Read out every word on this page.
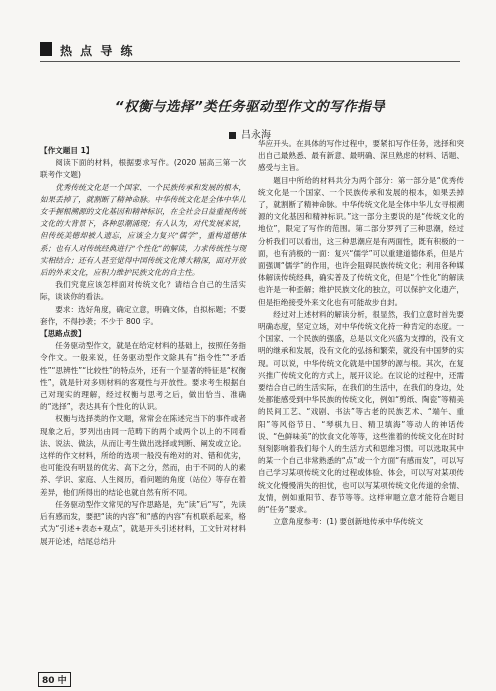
热 点 导 练
“权衡与选择”类任务驱动型作文的写作指导
吕永海

【作文题目 1】

阅读下面的材料，根据要求写作。(2020 届高三第一次联考作文题)

优秀传统文化是一个国家、一个民族传承和发展的根本，如果丢掉了，就割断了精神命脉。中华传统文化是全体中华儿女手握根溯源的文化基因和精神标识，在全社会日益重视传统文化的大背景下，各种思潮涌现；有人认为，对代发展来说，但传统美德却被人遗忘，应该全力复兴“儒学”，重构道德体系；也有人对传统经典进行“个性化”的解读，力求传统性与现实相结合；还有人甚至觉得中国传统文化博大精深，面对开放后的外来文化，应积力维护民族文化的自主性。

我们究竟应该怎样面对传统文化？请结合自己的生活实际，谈谈你的看法。

要求：选好角度，确定立意，明确文体，自拟标题；不要套作，不得抄袭；不少于 800 字。

【思路点拨】

任务驱动型作文，就是在给定材料的基础上，按照任务指令作文。一般来说，任务驱动型作文除具有“指令性”“矛盾性”“思辨性”“比较性”的特点外，还有一个显著的特征是“权衡性”，就是针对多则材料的客观性与开放性。要求考生根据自己对现实的理解，经过权衡与思考之后，做出恰当、准确的“选择”，表达具有个性化的认识。

权衡与选择类的作文题，常常会在陈述完当下的事件或者现象之后，罗列出由同一范畴下的两个或两个以上的不同看法、说法、做法，从而让考生做出选择或判断、阐发或立论。这样的作文材料，所给的选项一般没有绝对的对、错和优劣，也可能没有明显的优劣、高下之分，然而，由于不同的人的素养、学识、家庭、人生阅历，看问题的角度（站位）等存在着差异，他们所得出的结论也就自然有所不同。

任务驱动型作文常见的写作思路是，先“读”后“写”，先读后有感而发，要把“读的内容”和“感的内容”有机联系起来，格式为“引述+表态+观点”，就是开头引述材料，工文针对材料展开论述，结尾总结升

华应开头。在具体的写作过程中，要紧扣写作任务，选择和突出自己最熟悉、最有新意、最明确、深旦熟虑的材料、话题、感受与主旨。

题目中所给的材料共分为两个部分：第一部分是“优秀传统文化是一个国家、一个民族传承和发展的根本，如果丢掉了，就割断了精神命脉。中华传统文化是全体中华儿女寻根溯源的文化基因和精神标识。”这一部分主要说的是“传统文化的地位”，限定了写作的范围。第二部分罗列了三种思潮，经过分析我们可以看出，这三种思潮应是有两面性，既有积极的一面，也有消极的一面：复兴“儒学”可以重建道德体系，但是片面强调“儒学”的作用，也许会阻碍民族传统文化；利用各种媒体解读传统经典，确实普及了传统文化，但是“个性化”的解读也许是一种歪解；维护民族文化的独立，可以保护文化遗产，但是拒绝接受外来文化也有可能故步自封。

经过对上述材料的解读分析，很显然，我们立意时首先要明确态度，坚定立场，对中华传统文化持一种肯定的态度。一个国家、一个民族的强盛，总是以文化兴盛为支撑的，没有文明的继承和发展，没有文化的弘扬和繁荣，就没有中国梦的实现。可以说，中华传统文化就是中国梦的源与根。其次，在复兴推广传统文化的方式上，展开议论。在议论的过程中，还需要结合自己的生活实际，在我们的生活中，在我们的身边，处处都能感受到中华民族的传统文化，例如“剪纸、陶瓷”等精美的民间工艺、“戏剧、书法”等古老的民族艺术、“端午、重阳”等风俗节日、“琴棋九日、精卫填海”等动人的神话传说、“色鲜味美”的饮食文化等等，这些淮着的传统文化在时时刻刻影响着我们每个人的生活方式和思维习惯。可以选取其中的某一个自己非常熟悉的“点”或一个方面“有感而发”，可以写自己学习某项传统文化的过程或体验、体会，可以写对某项传统文化慢慢消失的担忧，也可以写某项传统文化传道的余情、友情，例如重阳节、春节等等。这样审题立意才能符合题目的“任务”要求。

立意角度参考：(1) 要创新地传承中华传统文

80 中
